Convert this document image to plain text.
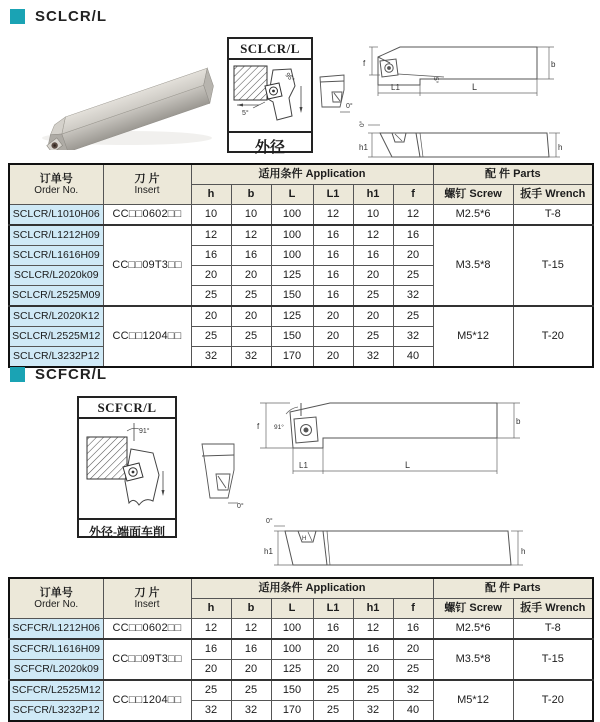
SCLCR/L
SCLCR/L
95°
5°
外径
0°
f	b
L1	L
5°
h1	h
0°
订单号
Order No.

刀 片
Insert
	适用条件 Application	配 件 Parts
		h	b	L	L1	h1	f	螺钉 Screw	扳手 Wrench
SCLCR/L1010H06	CC□□0602□□	10	10	100	12	10	12	M2.5*6	T-8
SCLCR/L1212H09	CC□□09T3□□	12	12	100	16	12	16	M3.5*8	T-15
SCLCR/L1616H09		16	16	100	16	16	20		
SCLCR/L2020k09		20	20	125	16	20	25		
SCLCR/L2525M09		25	25	150	16	25	32		
SCLCR/L2020K12	CC□□1204□□	20	20	125	20	20	25	M5*12	T-20
SCLCR/L2525M12		25	25	150	20	25	32		
SCLCR/L3232P12		32	32	170	20	32	40		
SCFCR/L
SCFCR/L
91°
外径-端面车削
0°
f
b
L1	L
91°
h1	h
0°
H
订单号
Order No.

刀 片
Insert
	适用条件 Application	配 件 Parts
		h	b	L	L1	h1	f	螺钉 Screw	扳手 Wrench
SCFCR/L1212H06	CC□□0602□□	12	12	100	16	12	16	M2.5*6	T-8
SCFCR/L1616H09	CC□□09T3□□	16	16	100	20	16	20	M3.5*8	T-15
SCFCR/L2020k09		20	20	125	20	20	25		
SCFCR/L2525M12	CC□□1204□□	25	25	150	25	25	32	M5*12	T-20
SCFCR/L3232P12		32	32	170	25	32	40		
